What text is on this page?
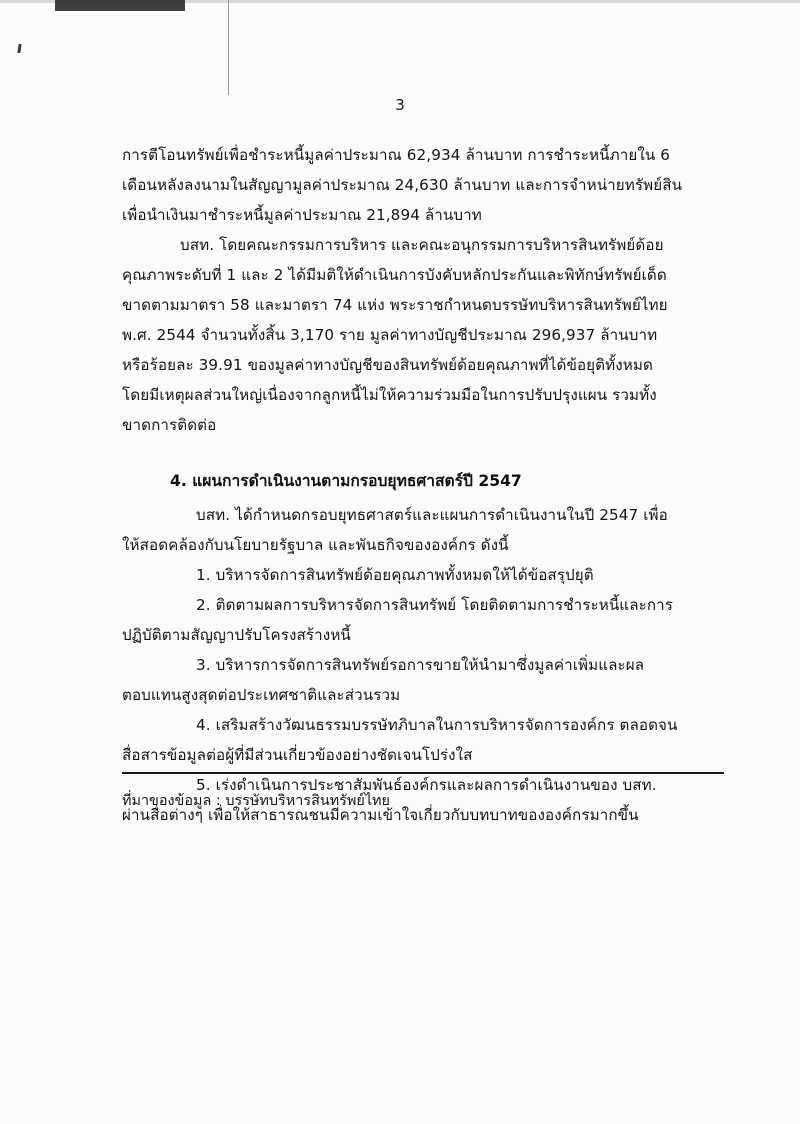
3

การตีโอนทรัพย์เพื่อชำระหนี้มูลค่าประมาณ 62,934 ล้านบาท การชำระหนี้ภายใน 6 เดือนหลังลงนามในสัญญามูลค่าประมาณ 24,630 ล้านบาท และการจำหน่ายทรัพย์สินเพื่อนำเงินมาชำระหนี้มูลค่าประมาณ 21,894 ล้านบาท

บสท. โดยคณะกรรมการบริหาร และคณะอนุกรรมการบริหารสินทรัพย์ด้อยคุณภาพระดับที่ 1 และ 2 ได้มีมติให้ดำเนินการบังคับหลักประกันและพิทักษ์ทรัพย์เด็ดขาดตามมาตรา 58 และมาตรา 74 แห่ง พระราชกำหนดบรรษัทบริหารสินทรัพย์ไทย พ.ศ. 2544 จำนวนทั้งสิ้น 3,170 ราย มูลค่าทางบัญชีประมาณ 296,937 ล้านบาท หรือร้อยละ 39.91 ของมูลค่าทางบัญชีของสินทรัพย์ด้อยคุณภาพที่ได้ข้อยุติทั้งหมด โดยมีเหตุผลส่วนใหญ่เนื่องจากลูกหนี้ไม่ให้ความร่วมมือในการปรับปรุงแผน รวมทั้งขาดการติดต่อ

4. แผนการดำเนินงานตามกรอบยุทธศาสตร์ปี 2547

บสท. ได้กำหนดกรอบยุทธศาสตร์และแผนการดำเนินงานในปี 2547 เพื่อให้สอดคล้องกับนโยบายรัฐบาล และพันธกิจขององค์กร ดังนี้

1. บริหารจัดการสินทรัพย์ด้อยคุณภาพทั้งหมดให้ได้ข้อสรุปยุติ

2. ติดตามผลการบริหารจัดการสินทรัพย์ โดยติดตามการชำระหนี้และการปฏิบัติตามสัญญาปรับโครงสร้างหนี้

3. บริหารการจัดการสินทรัพย์รอการขายให้นำมาซึ่งมูลค่าเพิ่มและผลตอบแทนสูงสุดต่อประเทศชาติและส่วนรวม

4. เสริมสร้างวัฒนธรรมบรรษัทภิบาลในการบริหารจัดการองค์กร ตลอดจนสื่อสารข้อมูลต่อผู้ที่มีส่วนเกี่ยวข้องอย่างชัดเจนโปร่งใส

5. เร่งดำเนินการประชาสัมพันธ์องค์กรและผลการดำเนินงานของ บสท. ผ่านสื่อต่างๆ เพื่อให้สาธารณชนมีความเข้าใจเกี่ยวกับบทบาทขององค์กรมากขึ้น

ที่มาของข้อมูล : บรรษัทบริหารสินทรัพย์ไทย
